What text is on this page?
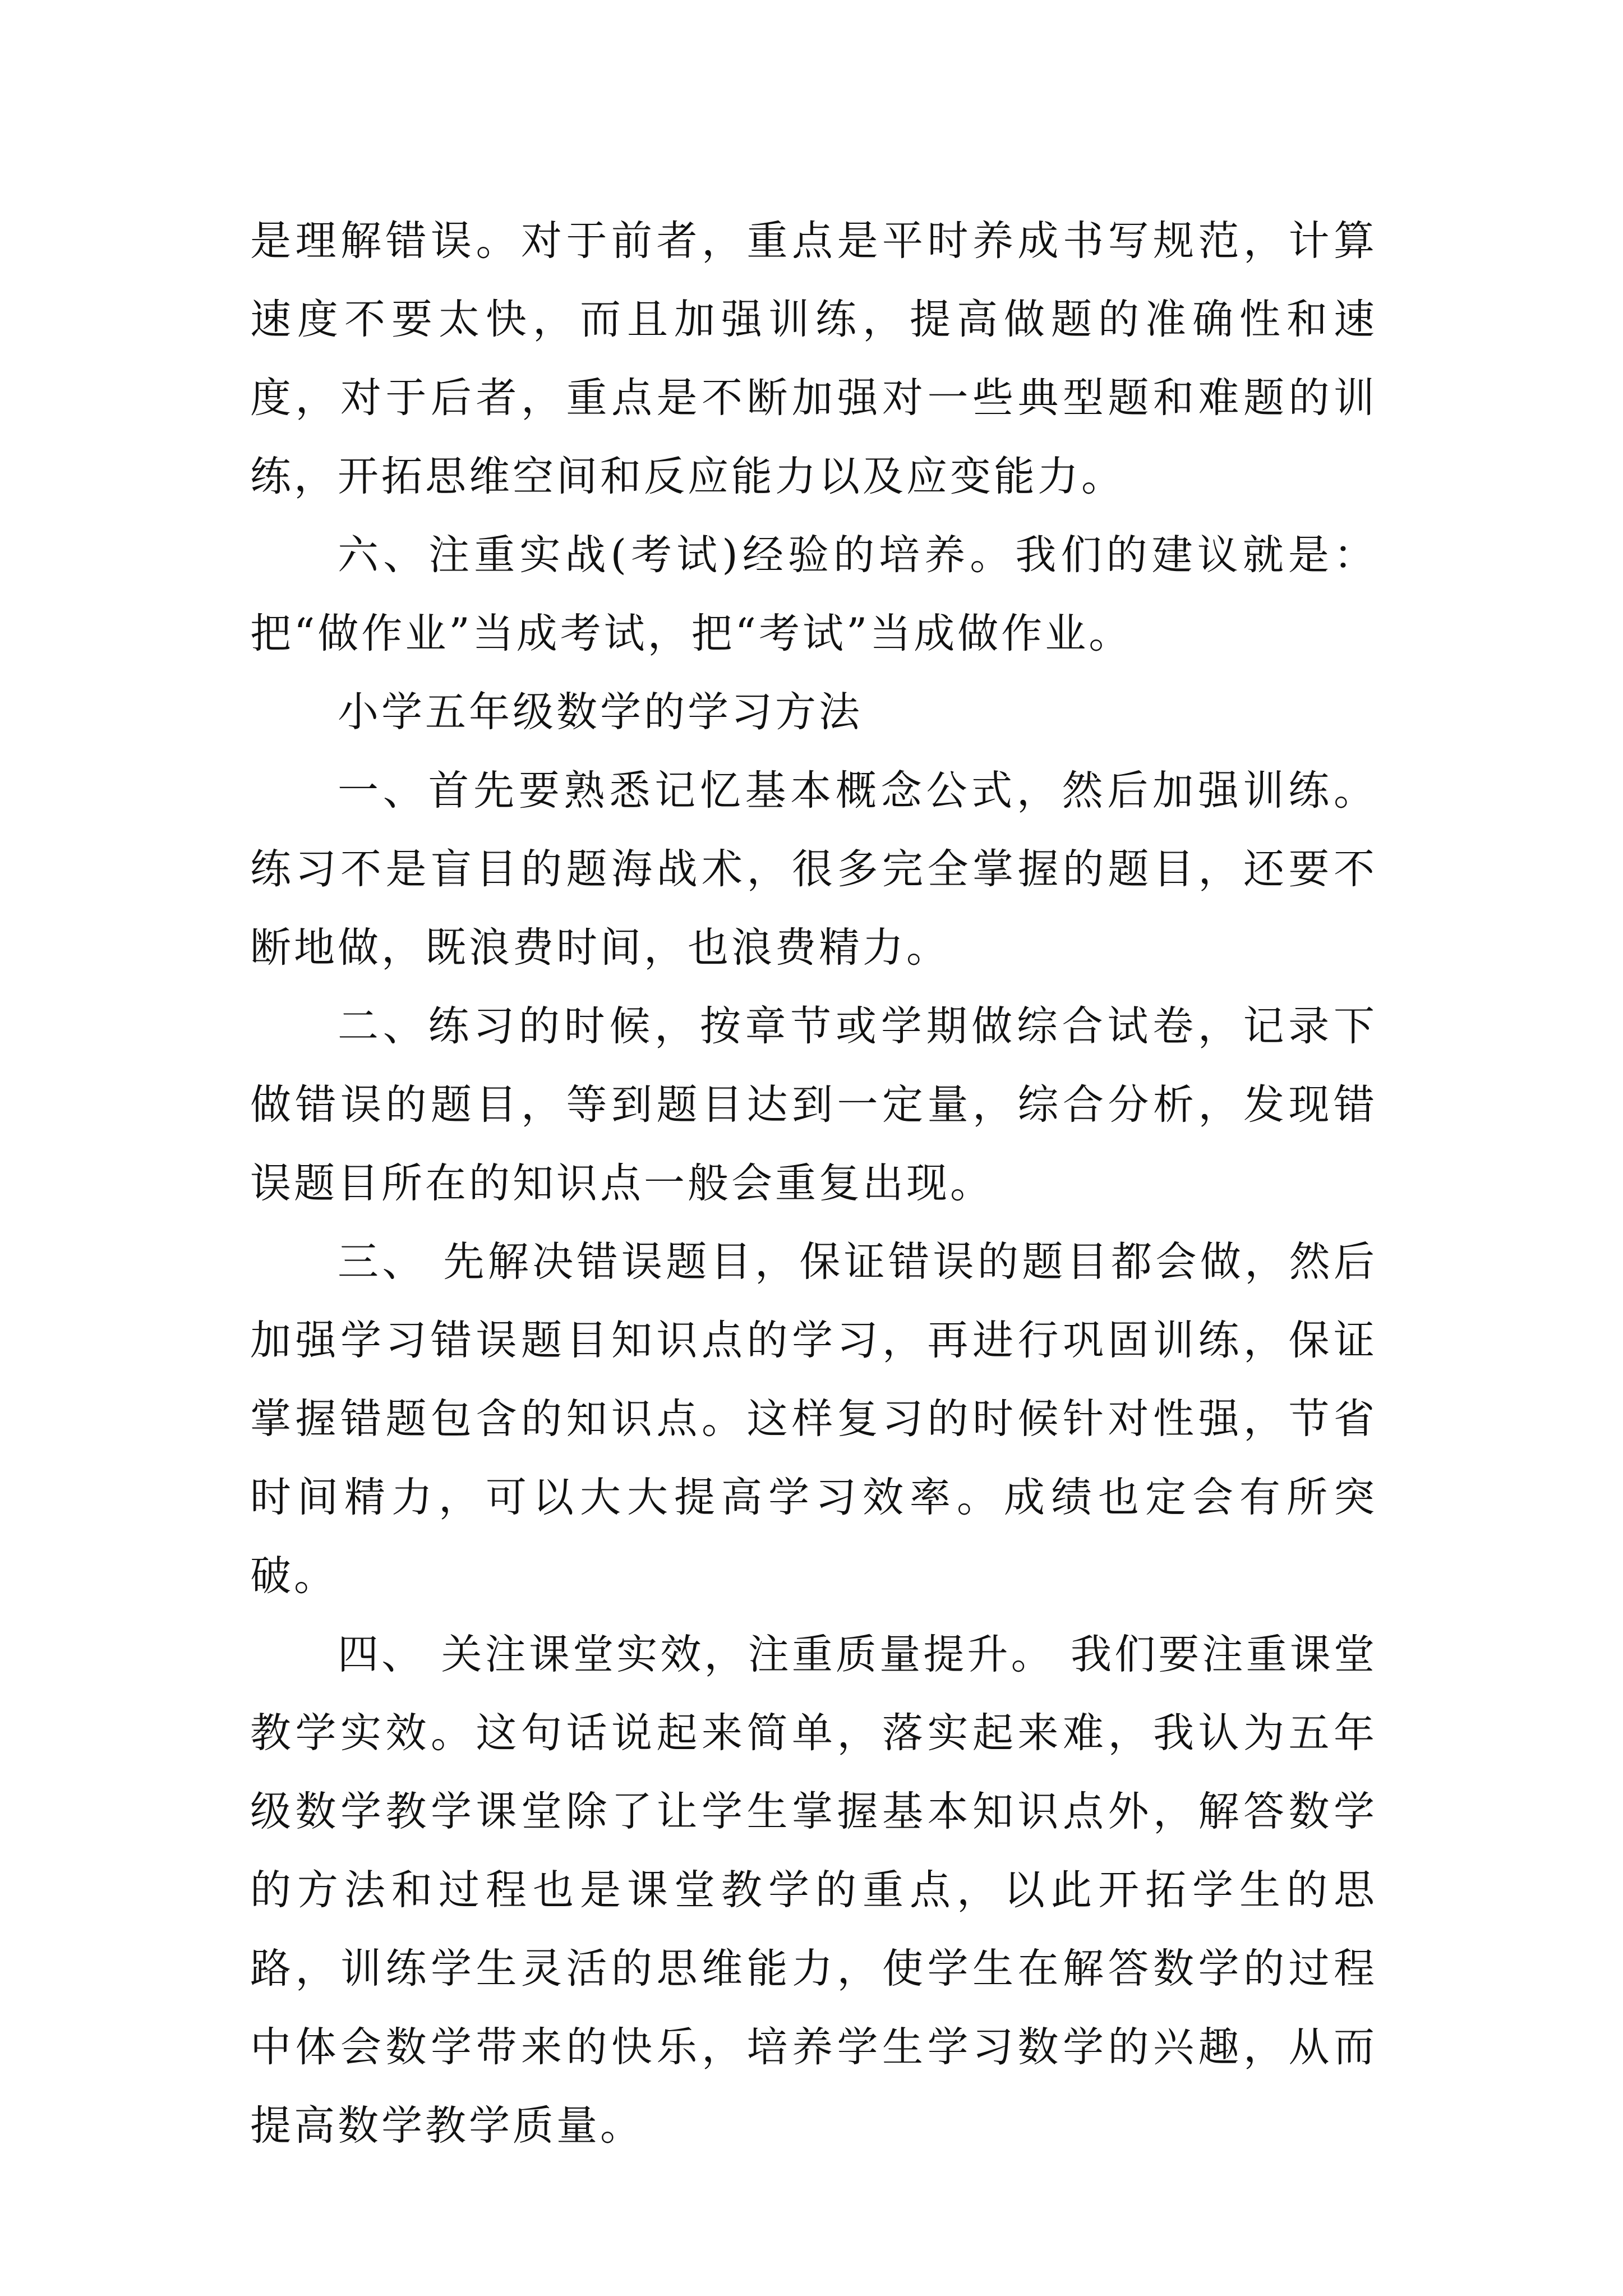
是理解错误。对于前者，重点是平时养成书写规范，计算速度不要太快，而且加强训练，提高做题的准确性和速度，对于后者，重点是不断加强对一些典型题和难题的训练，开拓思维空间和反应能力以及应变能力。

六、注重实战(考试)经验的培养。我们的建议就是：把“做作业”当成考试，把“考试”当成做作业。

小学五年级数学的学习方法

一、首先要熟悉记忆基本概念公式，然后加强训练。练习不是盲目的题海战术，很多完全掌握的题目，还要不断地做，既浪费时间，也浪费精力。

二、练习的时候，按章节或学期做综合试卷，记录下做错误的题目，等到题目达到一定量，综合分析，发现错误题目所在的知识点一般会重复出现。

三、 先解决错误题目，保证错误的题目都会做，然后加强学习错误题目知识点的学习，再进行巩固训练，保证掌握错题包含的知识点。这样复习的时候针对性强，节省时间精力，可以大大提高学习效率。成绩也定会有所突破。

四、 关注课堂实效，注重质量提升。 我们要注重课堂教学实效。这句话说起来简单，落实起来难，我认为五年级数学教学课堂除了让学生掌握基本知识点外，解答数学的方法和过程也是课堂教学的重点，以此开拓学生的思路，训练学生灵活的思维能力，使学生在解答数学的过程中体会数学带来的快乐，培养学生学习数学的兴趣，从而提高数学教学质量。
